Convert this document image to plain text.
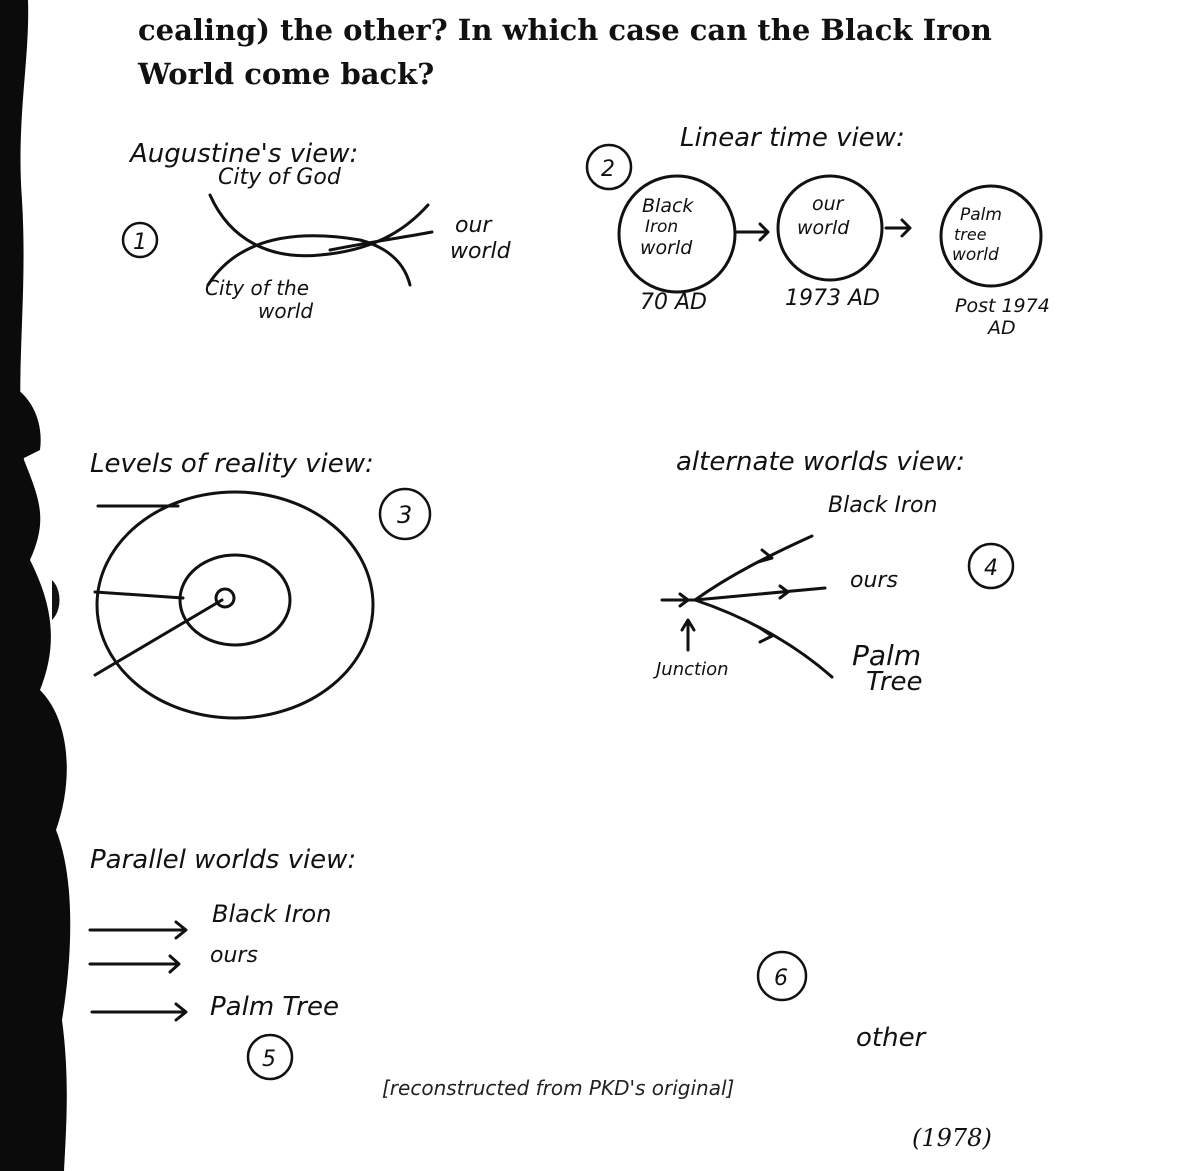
cealing) the other? In which case can the Black Iron
World come back?
Augustine's view:
City of God
1
our
world
City of the
world
Linear time view:
2
Black
Iron
world
our
world
Palm
tree
world
70 AD	1973 AD	Post 1974
AD
Levels of reality view:
3
alternate worlds view:
Black Iron
4
ours
Palm
Tree
Junction
Parallel worlds view:
Black Iron
ours
Palm Tree
5
6
other
[reconstructed from PKD's original]
(1978)
